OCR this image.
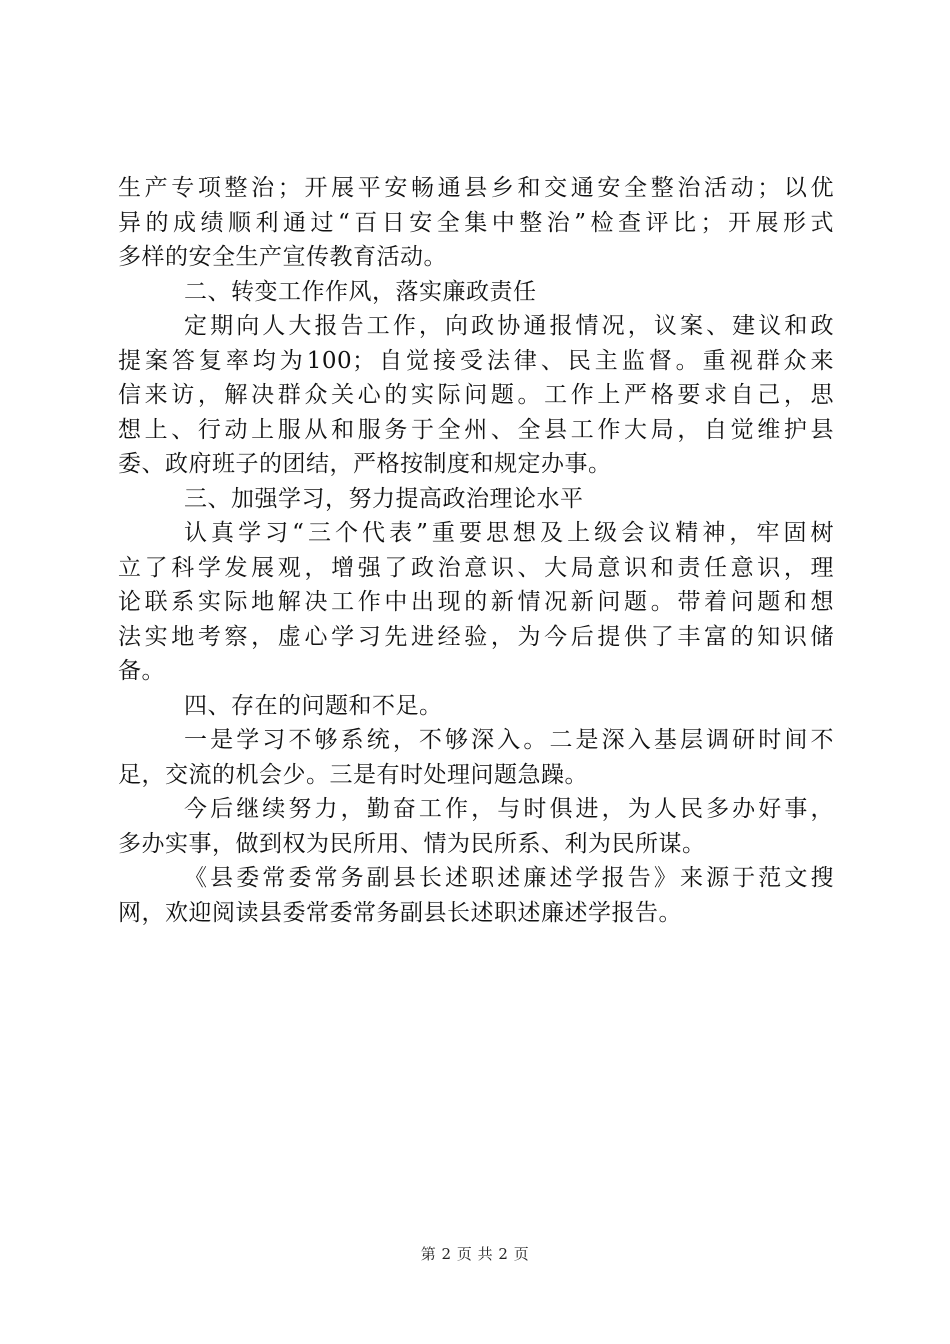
生产专项整治；开展平安畅通县乡和交通安全整治活动；以优
异的成绩顺利通过“百日安全集中整治”检查评比；开展形式
多样的安全生产宣传教育活动。
二、转变工作作风，落实廉政责任
定期向人大报告工作，向政协通报情况，议案、建议和政
提案答复率均为100；自觉接受法律、民主监督。重视群众来
信来访，解决群众关心的实际问题。工作上严格要求自己，思
想上、行动上服从和服务于全州、全县工作大局，自觉维护县
委、政府班子的团结，严格按制度和规定办事。
三、加强学习，努力提高政治理论水平
认真学习“三个代表”重要思想及上级会议精神，牢固树
立了科学发展观，增强了政治意识、大局意识和责任意识，理
论联系实际地解决工作中出现的新情况新问题。带着问题和想
法实地考察，虚心学习先进经验，为今后提供了丰富的知识储
备。
四、存在的问题和不足。
一是学习不够系统，不够深入。二是深入基层调研时间不
足，交流的机会少。三是有时处理问题急躁。
今后继续努力，勤奋工作，与时俱进，为人民多办好事，
多办实事，做到权为民所用、情为民所系、利为民所谋。
《县委常委常务副县长述职述廉述学报告》来源于范文搜
网，欢迎阅读县委常委常务副县长述职述廉述学报告。
第 2 页 共 2 页
